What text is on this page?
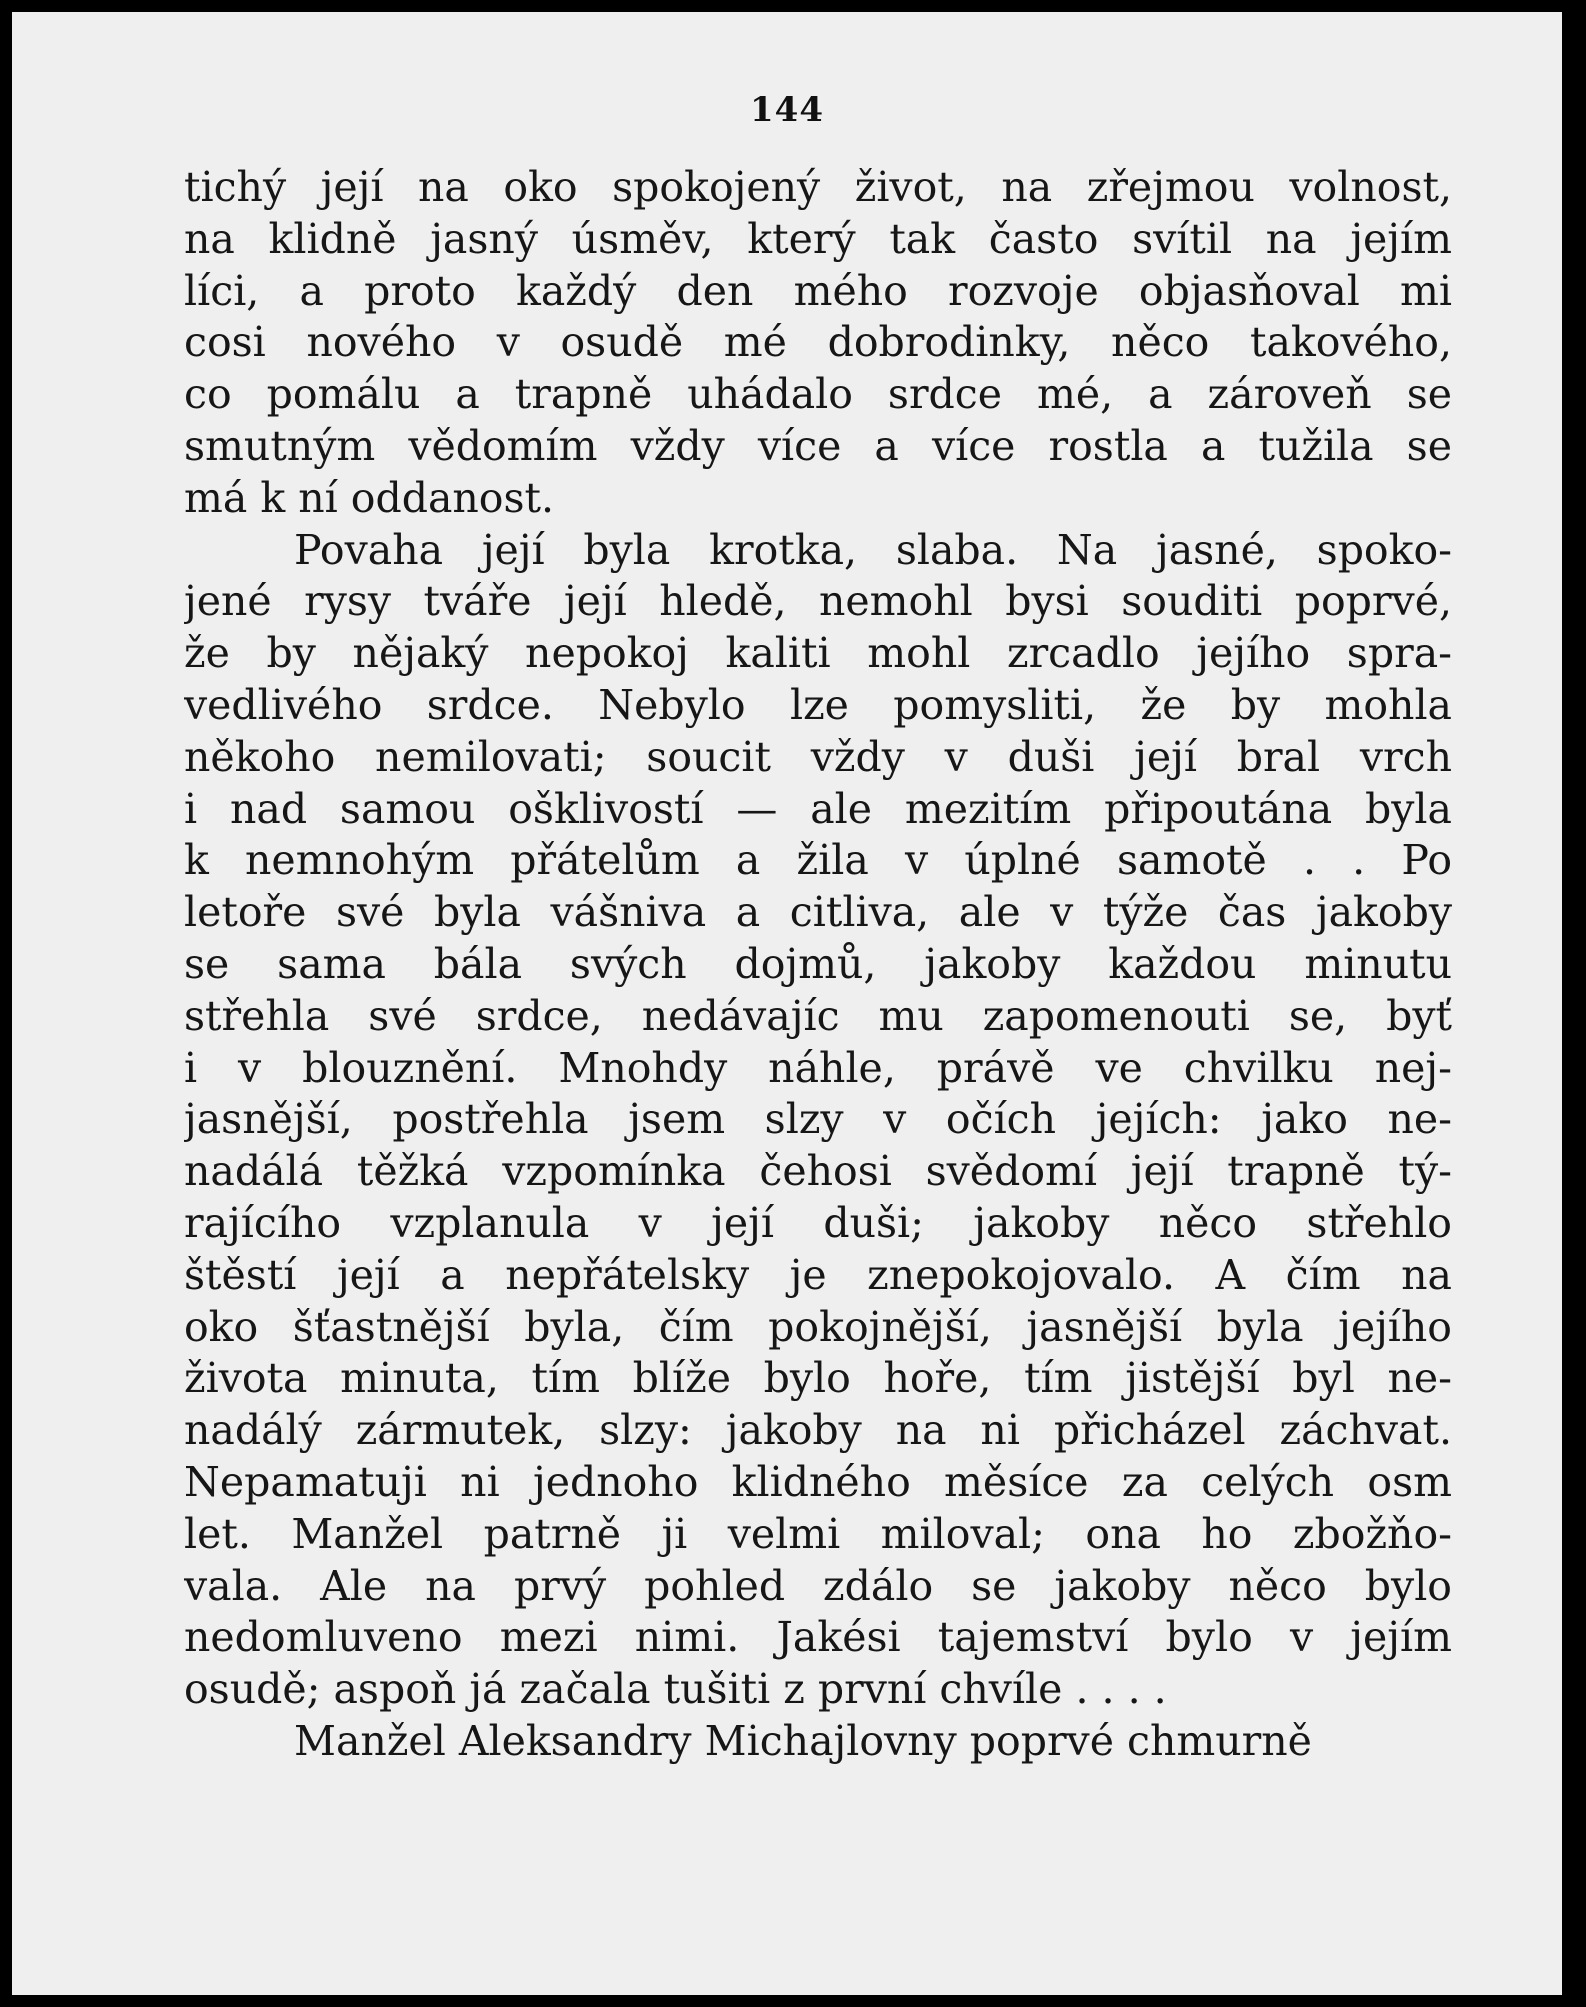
144
tichý její na oko spokojený život, na zřejmou volnost,
na klidně jasný úsměv, který tak často svítil na jejím
líci, a proto každý den mého rozvoje objasňoval mi
cosi nového v osudě mé dobrodinky, něco takového,
co pomálu a trapně uhádalo srdce mé, a zároveň se
smutným vědomím vždy více a více rostla a tužila se
má k ní oddanost.
Povaha její byla krotka, slaba. Na jasné, spoko-
jené rysy tváře její hledě, nemohl bysi souditi poprvé,
že by nějaký nepokoj kaliti mohl zrcadlo jejího spra-
vedlivého srdce. Nebylo lze pomysliti, že by mohla
někoho nemilovati; soucit vždy v duši její bral vrch
i nad samou ošklivostí — ale mezitím připoutána byla
k nemnohým přátelům a žila v úplné samotě . . Po
letoře své byla vášniva a citliva, ale v týže čas jakoby
se sama bála svých dojmů, jakoby každou minutu
střehla své srdce, nedávajíc mu zapomenouti se, byť
i v blouznění. Mnohdy náhle, právě ve chvilku nej-
jasnější, postřehla jsem slzy v očích jejích: jako ne-
nadálá těžká vzpomínka čehosi svědomí její trapně tý-
rajícího vzplanula v její duši; jakoby něco střehlo
štěstí její a nepřátelsky je znepokojovalo. A čím na
oko šťastnější byla, čím pokojnější, jasnější byla jejího
života minuta, tím blíže bylo hoře, tím jistější byl ne-
nadálý zármutek, slzy: jakoby na ni přicházel záchvat.
Nepamatuji ni jednoho klidného měsíce za celých osm
let. Manžel patrně ji velmi miloval; ona ho zbožňo-
vala. Ale na prvý pohled zdálo se jakoby něco bylo
nedomluveno mezi nimi. Jakési tajemství bylo v jejím
osudě; aspoň já začala tušiti z první chvíle . . . .
Manžel Aleksandry Michajlovny poprvé chmurně
